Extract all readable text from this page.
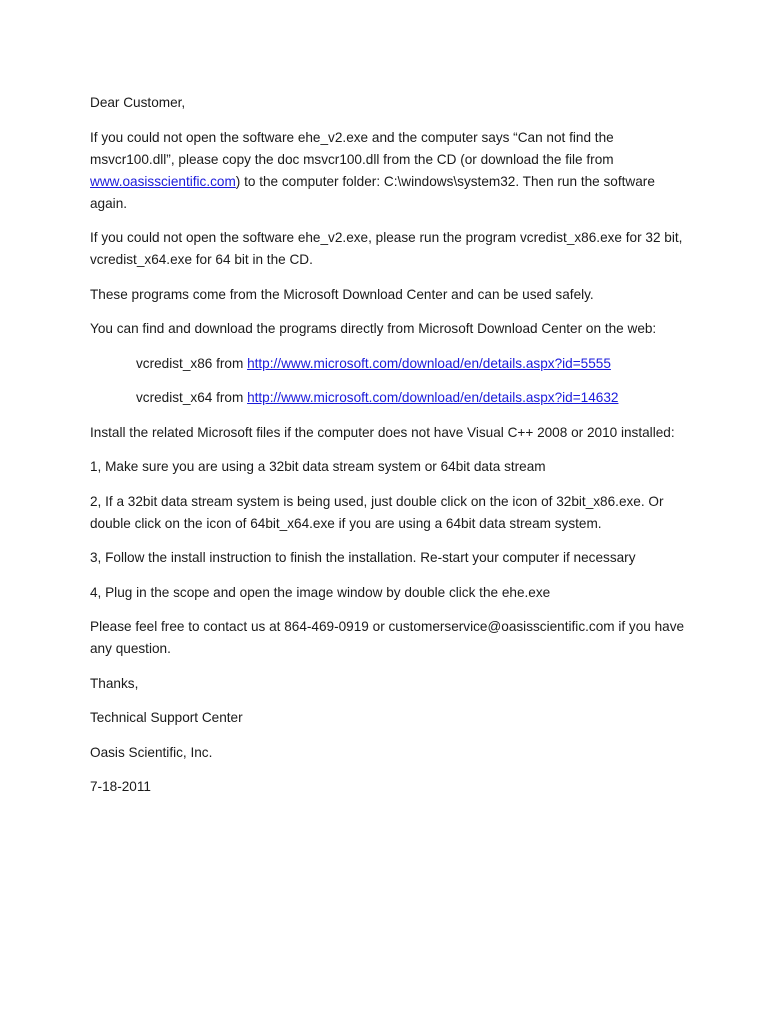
Dear Customer,

If you could not open the software ehe_v2.exe and the computer says “Can not find the msvcr100.dll”, please copy the doc msvcr100.dll from the CD (or download the file from www.oasisscientific.com) to the computer folder: C:\windows\system32. Then run the software again.

If you could not open the software ehe_v2.exe, please run the program vcredist_x86.exe for 32 bit, vcredist_x64.exe for 64 bit in the CD.

These programs come from the Microsoft Download Center and can be used safely.

You can find and download the programs directly from Microsoft Download Center on the web:

vcredist_x86 from http://www.microsoft.com/download/en/details.aspx?id=5555

vcredist_x64 from http://www.microsoft.com/download/en/details.aspx?id=14632

Install the related Microsoft files if the computer does not have Visual C++ 2008 or 2010 installed:

1, Make sure you are using a 32bit data stream system or 64bit data stream

2, If a 32bit data stream system is being used, just double click on the icon of 32bit_x86.exe. Or double click on the icon of 64bit_x64.exe if you are using a 64bit data stream system.

3, Follow the install instruction to finish the installation. Re-start your computer if necessary

4, Plug in the scope and open the image window by double click the ehe.exe

Please feel free to contact us at 864-469-0919 or customerservice@oasisscientific.com if you have any question.

Thanks,

Technical Support Center

Oasis Scientific, Inc.

7-18-2011
